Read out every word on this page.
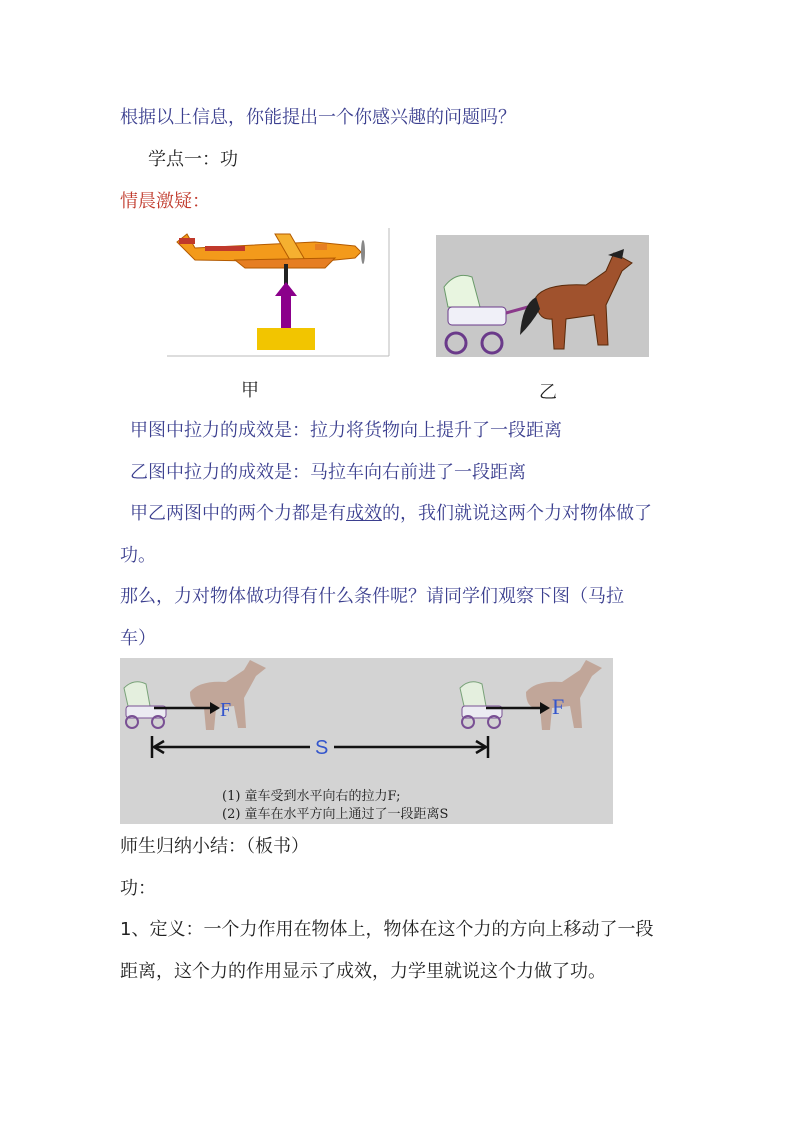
根据以上信息，你能提出一个你感兴趣的问题吗？
学点一：功
情晨激疑：
甲	乙
甲图中拉力的成效是：拉力将货物向上提升了一段距离
乙图中拉力的成效是：马拉车向右前进了一段距离
甲乙两图中的两个力都是有成效的，我们就说这两个力对物体做了
功。
那么，力对物体做功得有什么条件呢？请同学们观察下图（马拉
车）
F	F
S
(1) 童车受到水平向右的拉力F;
(2) 童车在水平方向上通过了一段距离S
师生归纳小结：（板书）
功：
1、定义：一个力作用在物体上，物体在这个力的方向上移动了一段
距离，这个力的作用显示了成效，力学里就说这个力做了功。
